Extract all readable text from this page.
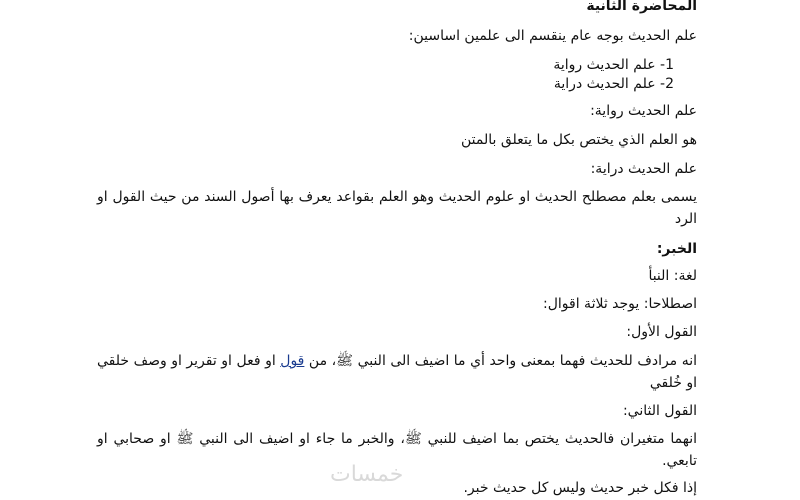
المحاضرة الثانية
علم الحديث بوجه عام ينقسم الى علمين اساسين:
1- علم الحديث رواية
2- علم الحديث دراية
علم الحديث رواية:
هو العلم الذي يختص بكل ما يتعلق بالمتن
علم الحديث دراية:
يسمى بعلم مصطلح الحديث او علوم الحديث وهو العلم بقواعد يعرف بها أصول السند من حيث القول او الرد
الخبر:
لغة: النبأ
اصطلاحا: يوجد ثلاثة اقوال:
القول الأول:
انه مرادف للحديث فهما بمعنى واحد أي ما اضيف الى النبي ﷺ، من قول او فعل او تقرير او وصف خلقي او خُلقي
القول الثاني:
انهما متغيران فالحديث يختص بما اضيف للنبي ﷺ، والخبر ما جاء او اضيف الى النبي ﷺ او صحابي او تابعي.
إذا فكل خبر حديث وليس كل حديث خبر.
خمسات
